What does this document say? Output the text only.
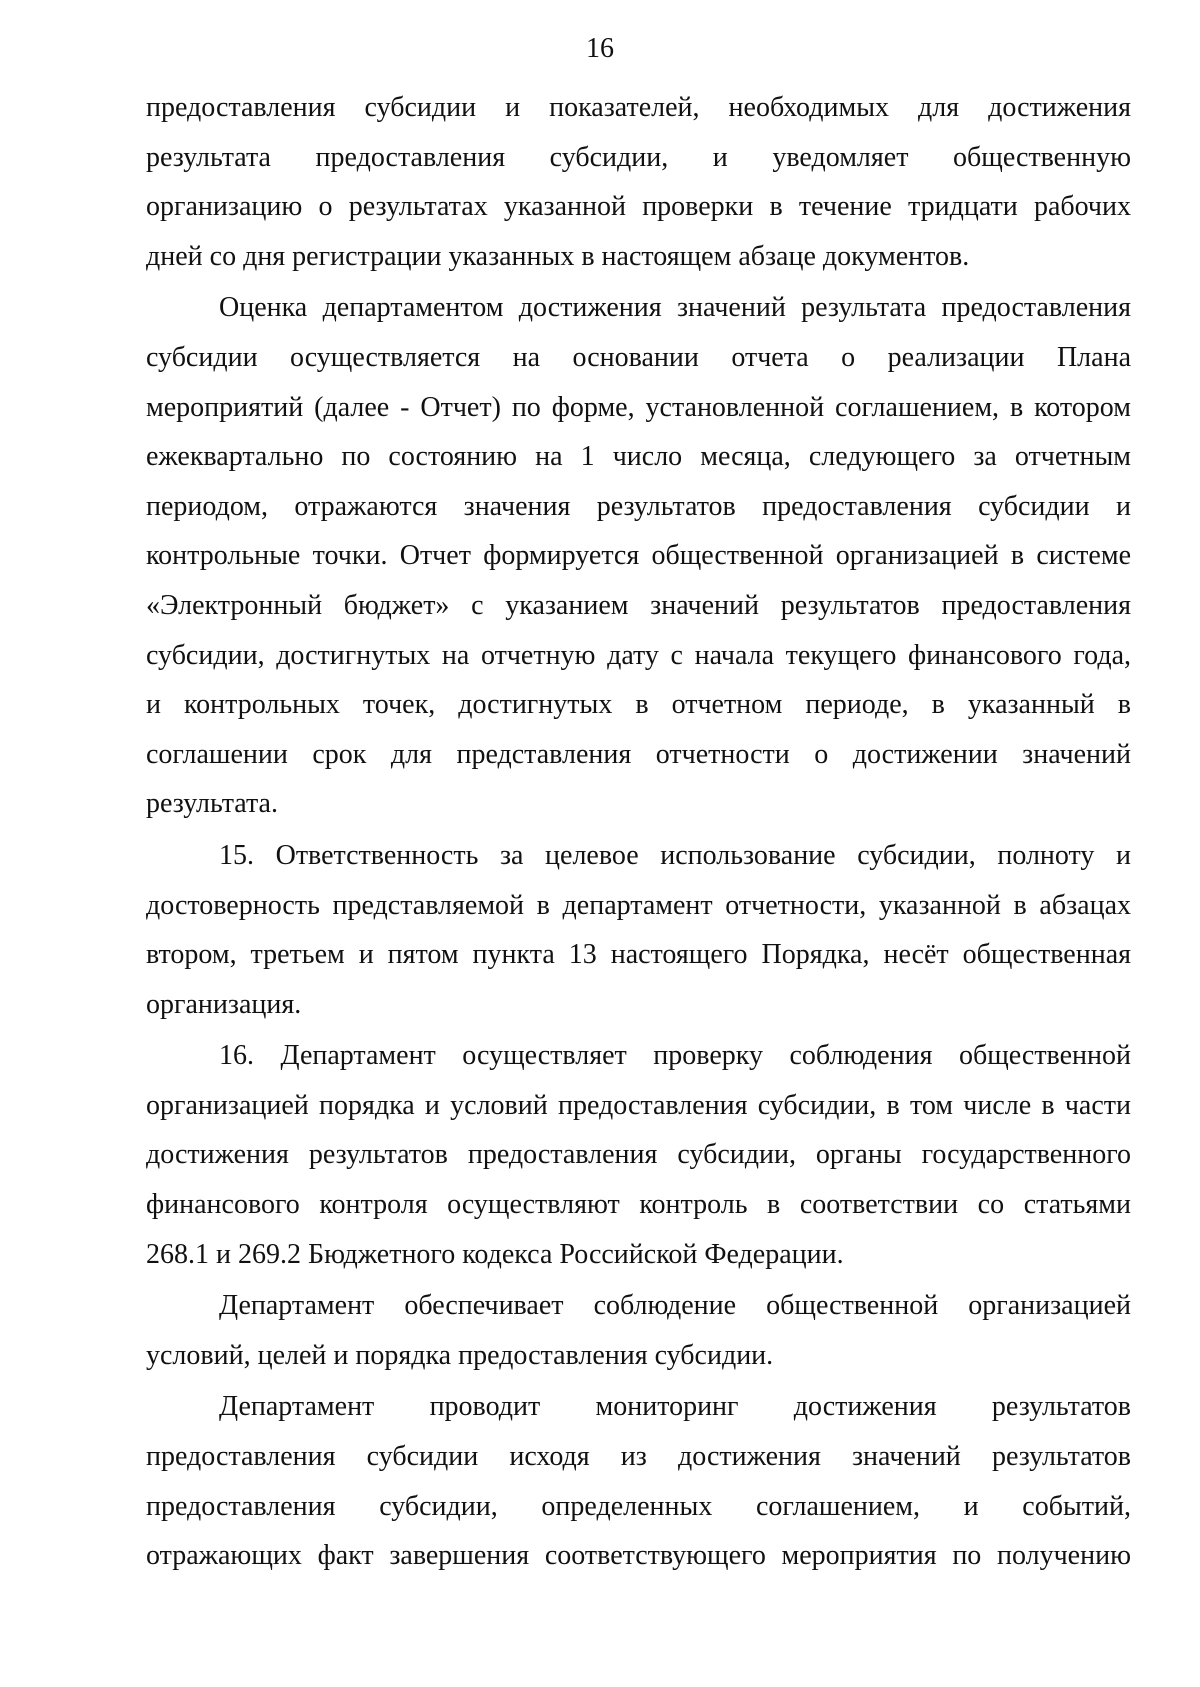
16

предоставления субсидии и показателей, необходимых для достижения
результата предоставления субсидии, и уведомляет общественную
организацию о результатах указанной проверки в течение тридцати рабочих
дней со дня регистрации указанных в настоящем абзаце документов.

Оценка департаментом достижения значений результата предоставления
субсидии осуществляется на основании отчета о реализации Плана
мероприятий (далее - Отчет) по форме, установленной соглашением, в котором
ежеквартально по состоянию на 1 число месяца, следующего за отчетным
периодом, отражаются значения результатов предоставления субсидии и
контрольные точки. Отчет формируется общественной организацией в системе
«Электронный бюджет» с указанием значений результатов предоставления
субсидии, достигнутых на отчетную дату с начала текущего финансового года,
и контрольных точек, достигнутых в отчетном периоде, в указанный в
соглашении срок для представления отчетности о достижении значений
результата.

15. Ответственность за целевое использование субсидии, полноту и
достоверность представляемой в департамент отчетности, указанной в абзацах
втором, третьем и пятом пункта 13 настоящего Порядка, несёт общественная
организация.

16. Департамент осуществляет проверку соблюдения общественной
организацией порядка и условий предоставления субсидии, в том числе в части
достижения результатов предоставления субсидии, органы государственного
финансового контроля осуществляют контроль в соответствии со статьями
268.1 и 269.2 Бюджетного кодекса Российской Федерации.

Департамент обеспечивает соблюдение общественной организацией
условий, целей и порядка предоставления субсидии.

Департамент проводит мониторинг достижения результатов
предоставления субсидии исходя из достижения значений результатов
предоставления субсидии, определенных соглашением, и событий,
отражающих факт завершения соответствующего мероприятия по получению
